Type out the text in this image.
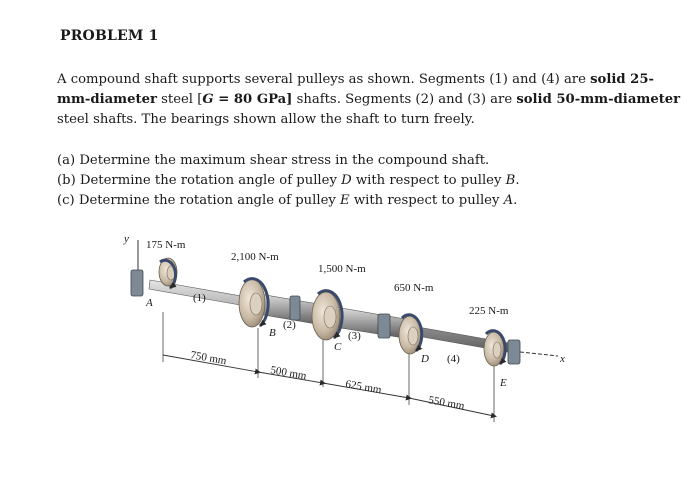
PROBLEM 1

A compound shaft supports several pulleys as shown. Segments (1) and (4) are solid 25-
mm-diameter steel [G = 80 GPa] shafts. Segments (2) and (3) are solid 50-mm-diameter
steel shafts. The bearings shown allow the shaft to turn freely.

(a) Determine the maximum shear stress in the compound shaft.
(b) Determine the rotation angle of pulley D with respect to pulley B.
(c) Determine the rotation angle of pulley E with respect to pulley A.

y
x
175 N-m
2,100 N-m
1,500 N-m
650 N-m
225 N-m
A
B
C
D
E
(1)
(2)
(3)
(4)
750 mm
500 mm
625 mm
550 mm
